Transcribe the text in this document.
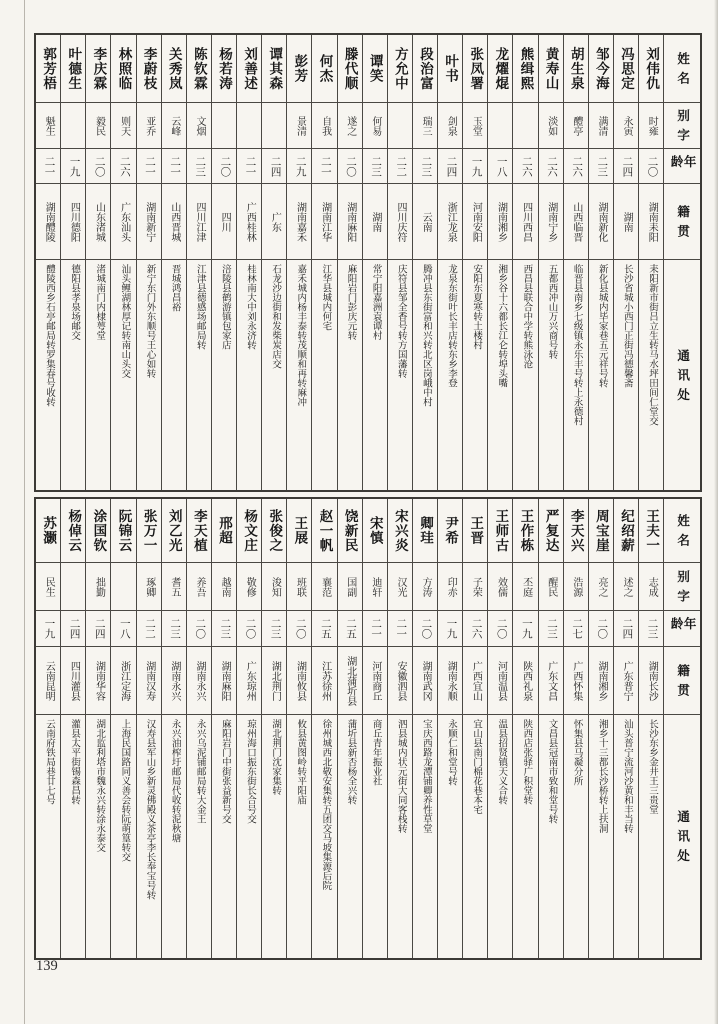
郭芳梧
魁生
二一
湖南醴陵
醴陵西乡石亭邮局转罗集春号收转
叶德生
一九
四川德阳
德阳县孝泉场邮交
李庆霖
毅民
二〇
山东渚城
渚城南门内棣萼堂
林照临
则天
二六
广东汕头
汕头鲤湖林厚记转南山头交
李蔚枝
亚乔
二一
湖南新宁
新宁东门外东顺号王心如转
关秀岚
云峰
二一
山西晋城
晋城鸿昌裕
陈钦霖
文烟
二三
四川江津
江津县德感场邮局转
杨若涛
二〇
四川
涪陵县鹤游镇包家店
刘善述
二一
广西桂林
桂林南大中刘永济转
谭其森
二四
广东
石龙沙边街和发柴炭店交
彭芳
景清
二九
湖南嘉禾
嘉禾城内杨丰泰转茂顺和再转麻冲
何杰
自我
二一
湖南江华
江华县城内何宅
滕代顺
遂之
二〇
湖南麻阳
麻阳岩门彭庆元转
谭笑
何易
二三
湖南
常宁阳嘉洲袁谭村
方允中
二二
四川庆符
庆符县邹全香号转方国藩转
段治富
瑞三
二三
云南
腾冲县东街富和兴转北区岗峨中村
叶书
剑泉
二四
浙江龙泉
龙泉东街叶长丰店转东乡李登
张凤署
玉堂
一九
河南安阳
安阳东夏寒转土楼村
龙燿焜
一八
湖南湘乡
湘乡谷十六都长江仑转埠头嘴
熊缉熙
二六
四川西昌
西昌县联合中学转熊泳沧
黄寿山
淡如
二六
湖南宁乡
五都西冲山万兴商号转
胡生泉
醴亭
二六
山西临晋
临晋县南乡七级镇永乐丰号转上永德村
邹今海
满清
二三
湖南新化
新化县城内毕家巷五元祥号转
冯思定
永寅
二四
湖南
长沙省城小西门正街冯德馨斋
刘伟仇
时雍
二〇
湖南耒阳
耒阳新市街吕立生转马水坪田间仁堂交
姓名
别字
年龄
籍贯
通讯处
苏灏
民生
一九
云南昆明
云南府铁局巷廿七号
杨倬云
二四
四川灌县
灌县太平街锡森昌转
涂国钦
拙勤
二四
湖南华容
湖北监利塔市魏永兴转涂永泰交
阮锦云
一八
浙江定海
上海民国路同义善会转阮萌篁转交
张万一
琢卿
二二
湖南汉寿
汉寿县军山乡新灵佛殿义茶亭李长奉宝号转
刘乙光
耆五
二三
湖南永兴
永兴油榨圩邮局代收转泥秋塘
李天植
养吾
二〇
湖南永兴
永兴乌泥铺邮局转大金王
邢超
越南
二三
湖南麻阳
麻阳岩门中街张益新号交
杨文庄
敬修
二〇
广东琼州
琼州海口振东街长合号交
张俊之
浚知
二三
湖北荆门
湖北荆门沈家集转
王展
班联
二〇
湖南攸县
攸县黄图岭转平阳庙
赵一帆
襄范
二五
江苏徐州
徐州城西北敬安集转五团交马坡集源后院
饶新民
国副
二五
湖北蒲圻县
蒲圻县新否杨全兴转
宋慎
迪轩
二一
河南商丘
商丘青年振业社
宋兴炎
汉光
二一
安徽泗县
泗县城内状元街大同客栈转
卿珪
方涛
二〇
湖南武冈
宝庆西路龙潭铺卿养性草堂
尹希
印赤
一九
湖南永顺
永顺仁和堂号转
王晋
子荣
二六
广西宜山
宜山县南门棉花巷本宅
王师古
效儒
二〇
河南温县
温县招贤镇天义合转
王作栋
丕庭
一九
陕西礼泉
陕西店张驿广积堂转
严复达
醒民
二三
广东文昌
文昌县冠南市致和堂号转
李天兴
浩源
二七
广西怀集
怀集县马凝分所
周宝崖
亮之
二〇
湖南湘乡
湘乡十三都长沙桥转上扶洞
纪绍薪
述之
二四
广东普宁
汕头普宁流河沙黄和丰当转
王夫一
志成
二三
湖南长沙
长沙东乡金井王三贵堂
姓名
别字
年龄
籍贯
通讯处
139
